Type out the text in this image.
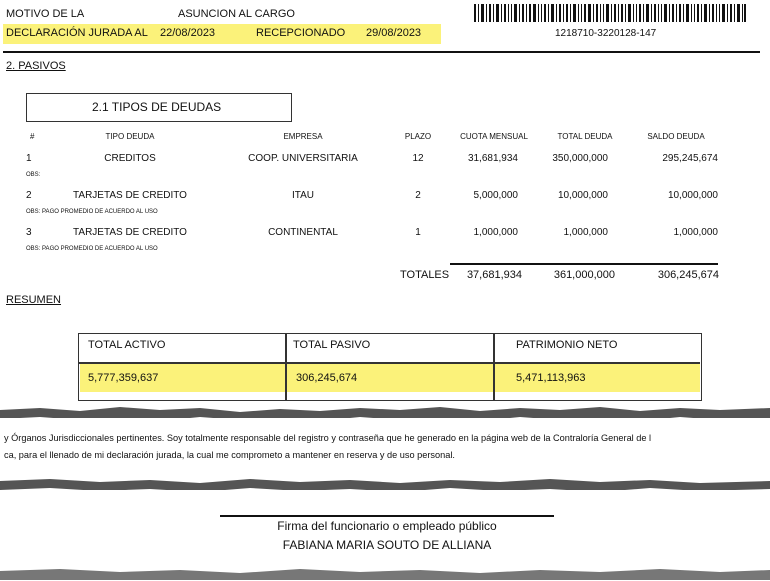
MOTIVO DE LA	ASUNCION AL CARGO
DECLARACIÓN JURADA AL 22/08/2023	RECEPCIONADO 29/08/2023	1218710-3220128-147
2. PASIVOS
2.1 TIPOS DE DEUDAS
#	TIPO DEUDA	EMPRESA	PLAZO	CUOTA MENSUAL	TOTAL DEUDA	SALDO DEUDA
1	CREDITOS	COOP. UNIVERSITARIA	12	31,681,934	350,000,000	295,245,674
OBS:
2	TARJETAS DE CREDITO	ITAU	2	5,000,000	10,000,000	10,000,000
OBS: PAGO PROMEDIO DE ACUERDO AL USO
3	TARJETAS DE CREDITO	CONTINENTAL	1	1,000,000	1,000,000	1,000,000
OBS: PAGO PROMEDIO DE ACUERDO AL USO
TOTALES	37,681,934	361,000,000	306,245,674
RESUMEN
TOTAL ACTIVO	TOTAL PASIVO	PATRIMONIO NETO
5,777,359,637	306,245,674	5,471,113,963
y Órganos Jurisdiccionales pertinentes. Soy totalmente responsable del registro y contraseña que he generado en la página web de la Contraloría General de l
ca, para el llenado de mi declaración jurada, la cual me comprometo a mantener en reserva y de uso personal.
Firma del funcionario o empleado público
FABIANA MARIA SOUTO DE ALLIANA
